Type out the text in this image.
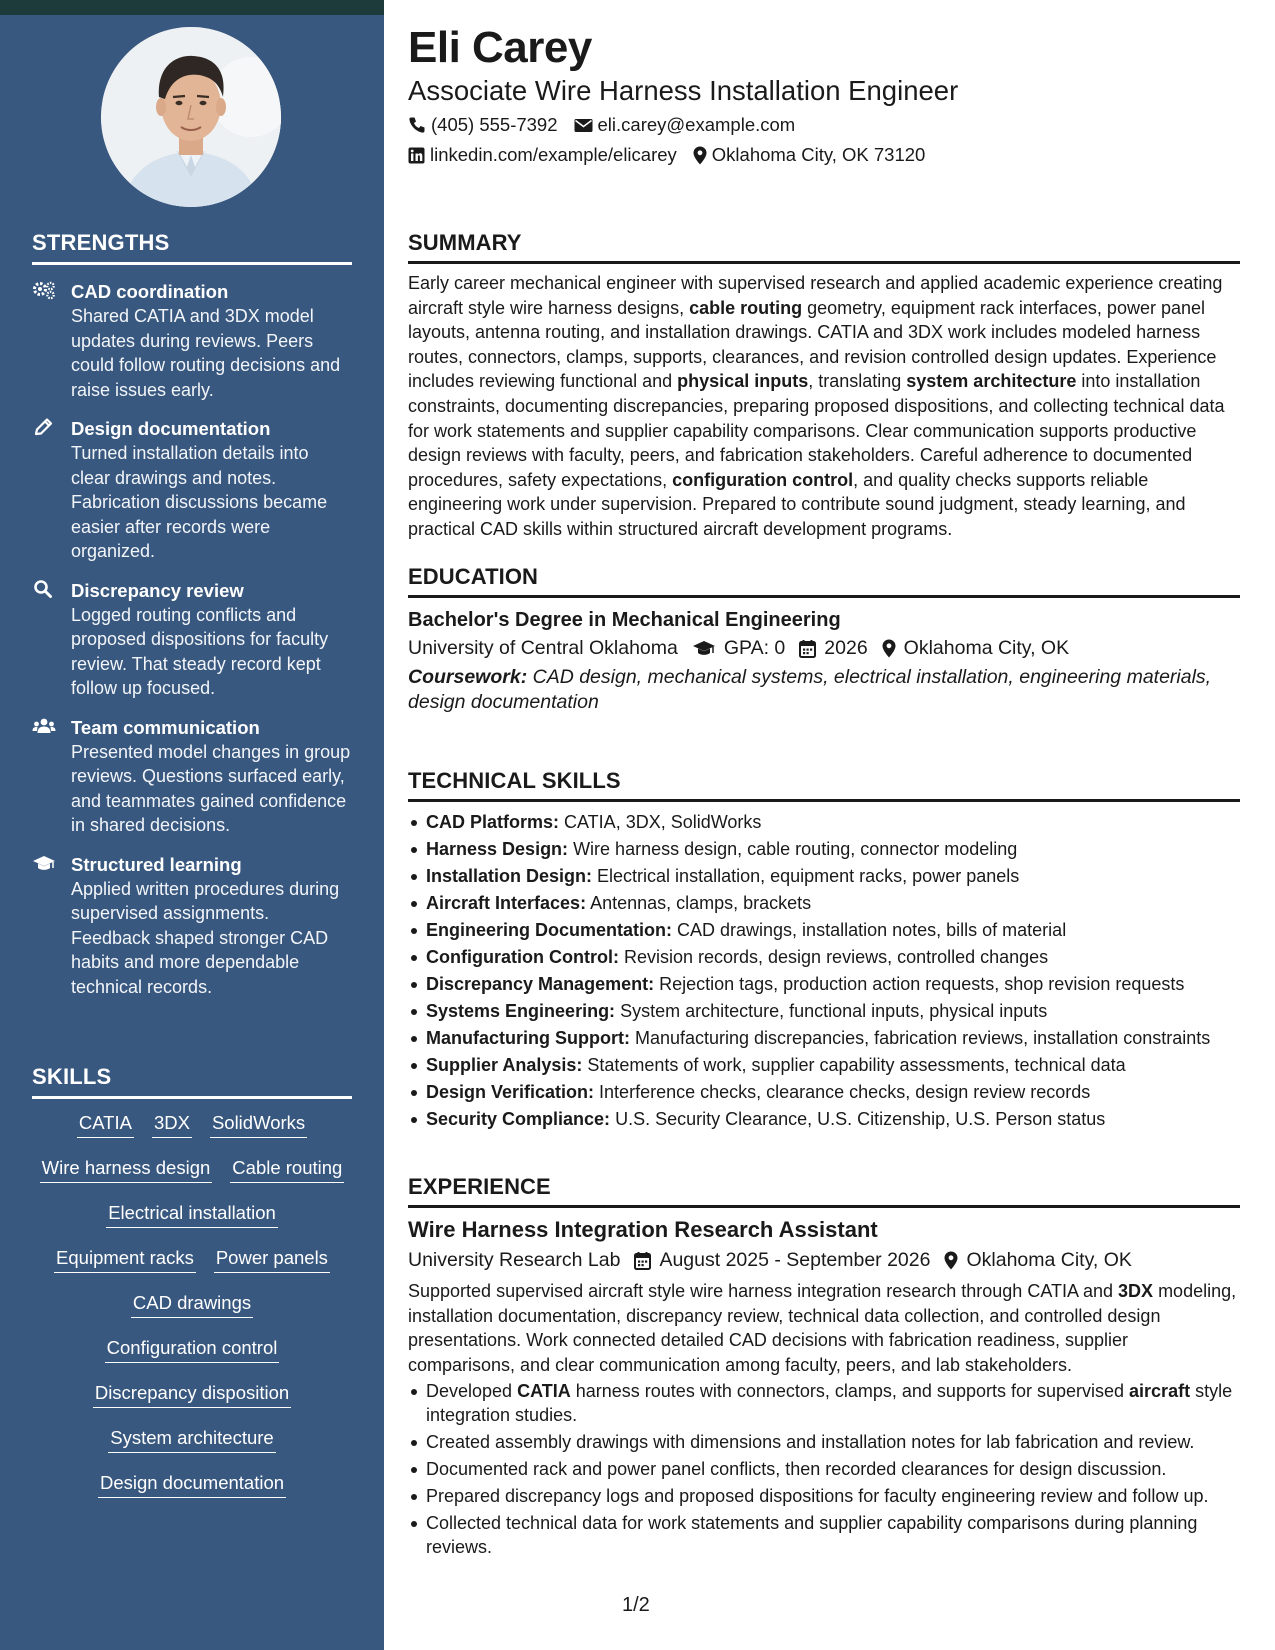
STRENGTHS
CAD coordination
Shared CATIA and 3DX model updates during reviews. Peers could follow routing decisions and raise issues early.
Design documentation
Turned installation details into clear drawings and notes. Fabrication discussions became easier after records were organized.
Discrepancy review
Logged routing conflicts and proposed dispositions for faculty review. That steady record kept follow up focused.
Team communication
Presented model changes in group reviews. Questions surfaced early, and teammates gained confidence in shared decisions.
Structured learning
Applied written procedures during supervised assignments. Feedback shaped stronger CAD habits and more dependable technical records.
SKILLS
CATIA 3DX SolidWorks
Wire harness design Cable routing
Electrical installation
Equipment racks Power panels
CAD drawings
Configuration control
Discrepancy disposition
System architecture
Design documentation
Eli Carey
Associate Wire Harness Installation Engineer
(405) 555-7392 eli.carey@example.com
linkedin.com/example/elicarey Oklahoma City, OK 73120
SUMMARY
Early career mechanical engineer with supervised research and applied academic experience creating aircraft style wire harness designs, cable routing geometry, equipment rack interfaces, power panel layouts, antenna routing, and installation drawings. CATIA and 3DX work includes modeled harness routes, connectors, clamps, supports, clearances, and revision controlled design updates. Experience includes reviewing functional and physical inputs, translating system architecture into installation constraints, documenting discrepancies, preparing proposed dispositions, and collecting technical data for work statements and supplier capability comparisons. Clear communication supports productive design reviews with faculty, peers, and fabrication stakeholders. Careful adherence to documented procedures, safety expectations, configuration control, and quality checks supports reliable engineering work under supervision. Prepared to contribute sound judgment, steady learning, and practical CAD skills within structured aircraft development programs.
EDUCATION
Bachelor's Degree in Mechanical Engineering
University of Central Oklahoma GPA: 0 2026 Oklahoma City, OK
Coursework: CAD design, mechanical systems, electrical installation, engineering materials, design documentation
TECHNICAL SKILLS
CAD Platforms: CATIA, 3DX, SolidWorks
Harness Design: Wire harness design, cable routing, connector modeling
Installation Design: Electrical installation, equipment racks, power panels
Aircraft Interfaces: Antennas, clamps, brackets
Engineering Documentation: CAD drawings, installation notes, bills of material
Configuration Control: Revision records, design reviews, controlled changes
Discrepancy Management: Rejection tags, production action requests, shop revision requests
Systems Engineering: System architecture, functional inputs, physical inputs
Manufacturing Support: Manufacturing discrepancies, fabrication reviews, installation constraints
Supplier Analysis: Statements of work, supplier capability assessments, technical data
Design Verification: Interference checks, clearance checks, design review records
Security Compliance: U.S. Security Clearance, U.S. Citizenship, U.S. Person status
EXPERIENCE
Wire Harness Integration Research Assistant
University Research Lab August 2025 - September 2026 Oklahoma City, OK
Supported supervised aircraft style wire harness integration research through CATIA and 3DX modeling, installation documentation, discrepancy review, technical data collection, and controlled design presentations. Work connected detailed CAD decisions with fabrication readiness, supplier comparisons, and clear communication among faculty, peers, and lab stakeholders.
Developed CATIA harness routes with connectors, clamps, and supports for supervised aircraft style integration studies.
Created assembly drawings with dimensions and installation notes for lab fabrication and review.
Documented rack and power panel conflicts, then recorded clearances for design discussion.
Prepared discrepancy logs and proposed dispositions for faculty engineering review and follow up.
Collected technical data for work statements and supplier capability comparisons during planning reviews.
1/2
